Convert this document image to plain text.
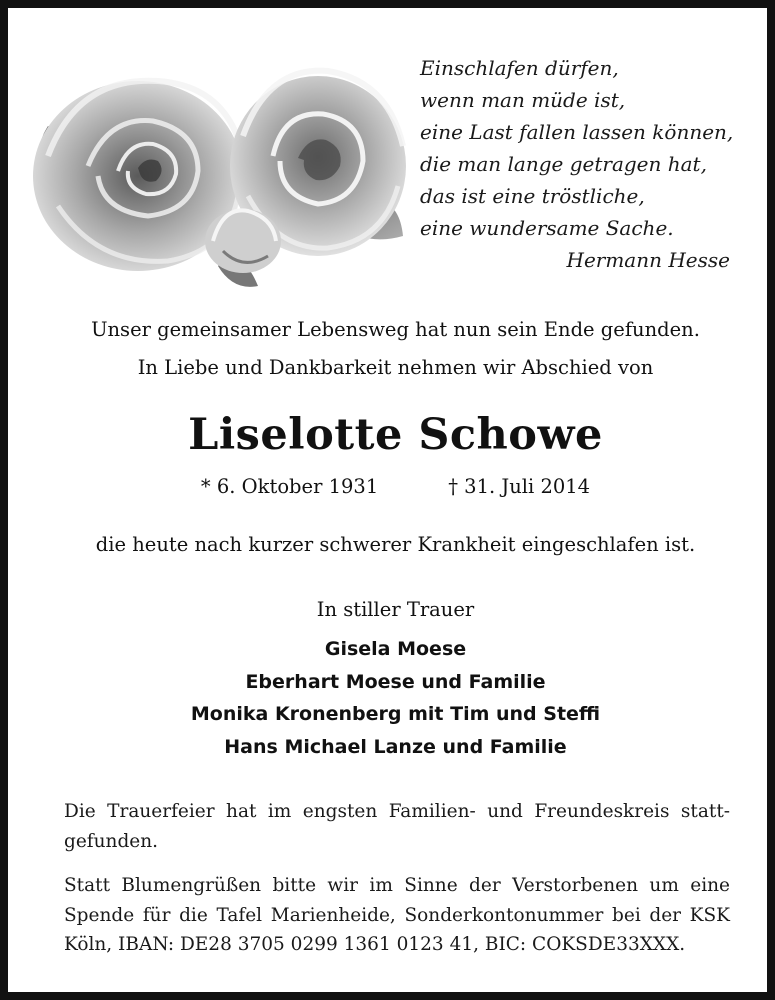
Einschlafen dürfen,
wenn man müde ist,
eine Last fallen lassen können,
die man lange getragen hat,
das ist eine tröstliche,
eine wundersame Sache.
Hermann Hesse
Unser gemeinsamer Lebensweg hat nun sein Ende gefunden.
In Liebe und Dankbarkeit nehmen wir Abschied von
Liselotte Schowe
* 6. Oktober 1931	† 31. Juli 2014
die heute nach kurzer schwerer Krankheit eingeschlafen ist.
In stiller Trauer
Gisela Moese
Eberhart Moese und Familie
Monika Kronenberg mit Tim und Steffi
Hans Michael Lanze und Familie
Die Trauerfeier hat im engsten Familien- und Freundeskreis statt-
gefunden.
Statt Blumengrüßen bitte wir im Sinne der Verstorbenen um eine
Spende für die Tafel Marienheide, Sonderkontonummer bei der KSK
Köln, IBAN: DE28 3705 0299 1361 0123 41, BIC: COKSDE33XXX.
